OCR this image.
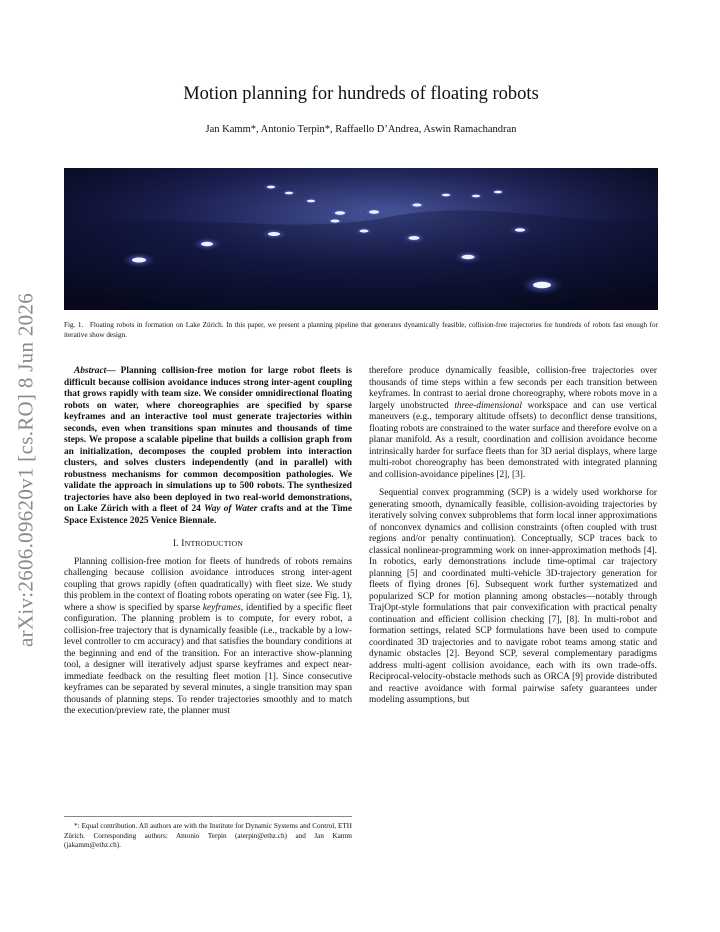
arXiv:2606.09620v1 [cs.RO] 8 Jun 2026
Motion planning for hundreds of floating robots
Jan Kamm*, Antonio Terpin*, Raffaello D’Andrea, Aswin Ramachandran
Fig. 1. Floating robots in formation on Lake Zürich. In this paper, we present a planning pipeline that generates dynamically feasible, collision-free trajectories for hundreds of robots fast enough for iterative show design.

Abstract— Planning collision-free motion for large robot fleets is difficult because collision avoidance induces strong inter-agent coupling that grows rapidly with team size. We consider omnidirectional floating robots on water, where choreographies are specified by sparse keyframes and an interactive tool must generate trajectories within seconds, even when transitions span minutes and thousands of time steps. We propose a scalable pipeline that builds a collision graph from an initialization, decomposes the coupled problem into interaction clusters, and solves clusters independently (and in parallel) with robustness mechanisms for common decomposition pathologies. We validate the approach in simulations up to 500 robots. The synthesized trajectories have also been deployed in two real-world demonstrations, on Lake Zürich with a fleet of 24 Way of Water crafts and at the Time Space Existence 2025 Venice Biennale.

I. INTRODUCTION

Planning collision-free motion for fleets of hundreds of robots remains challenging because collision avoidance introduces strong inter-agent coupling that grows rapidly (often quadratically) with fleet size. We study this problem in the context of floating robots operating on water (see Fig. 1), where a show is specified by sparse keyframes, identified by a specific fleet configuration. The planning problem is to compute, for every robot, a collision-free trajectory that is dynamically feasible (i.e., trackable by a low-level controller to cm accuracy) and that satisfies the boundary conditions at the beginning and end of the transition. For an interactive show-planning tool, a designer will iteratively adjust sparse keyframes and expect near-immediate feedback on the resulting fleet motion [1]. Since consecutive keyframes can be separated by several minutes, a single transition may span thousands of planning steps. To render trajectories smoothly and to match the execution/preview rate, the planner must

*: Equal contribution. All authors are with the Institute for Dynamic Systems and Control, ETH Zürich. Corresponding authors: Antonio Terpin (aterpin@ethz.ch) and Jan Kamm (jakamm@ethz.ch).

therefore produce dynamically feasible, collision-free trajectories over thousands of time steps within a few seconds per each transition between keyframes. In contrast to aerial drone choreography, where robots move in a largely unobstructed three-dimensional workspace and can use vertical maneuvers (e.g., temporary altitude offsets) to deconflict dense transitions, floating robots are constrained to the water surface and therefore evolve on a planar manifold. As a result, coordination and collision avoidance become intrinsically harder for surface fleets than for 3D aerial displays, where large multi-robot choreography has been demonstrated with integrated planning and collision-avoidance pipelines [2], [3].

Sequential convex programming (SCP) is a widely used workhorse for generating smooth, dynamically feasible, collision-avoiding trajectories by iteratively solving convex subproblems that form local inner approximations of nonconvex dynamics and collision constraints (often coupled with trust regions and/or penalty continuation). Conceptually, SCP traces back to classical nonlinear-programming work on inner-approximation methods [4]. In robotics, early demonstrations include time-optimal car trajectory planning [5] and coordinated multi-vehicle 3D-trajectory generation for fleets of flying drones [6]. Subsequent work further systematized and popularized SCP for motion planning among obstacles—notably through TrajOpt-style formulations that pair convexification with practical penalty continuation and efficient collision checking [7], [8]. In multi-robot and formation settings, related SCP formulations have been used to compute coordinated 3D trajectories and to navigate robot teams among static and dynamic obstacles [2]. Beyond SCP, several complementary paradigms address multi-agent collision avoidance, each with its own trade-offs. Reciprocal-velocity-obstacle methods such as ORCA [9] provide distributed and reactive avoidance with formal pairwise safety guarantees under modeling assumptions, but
